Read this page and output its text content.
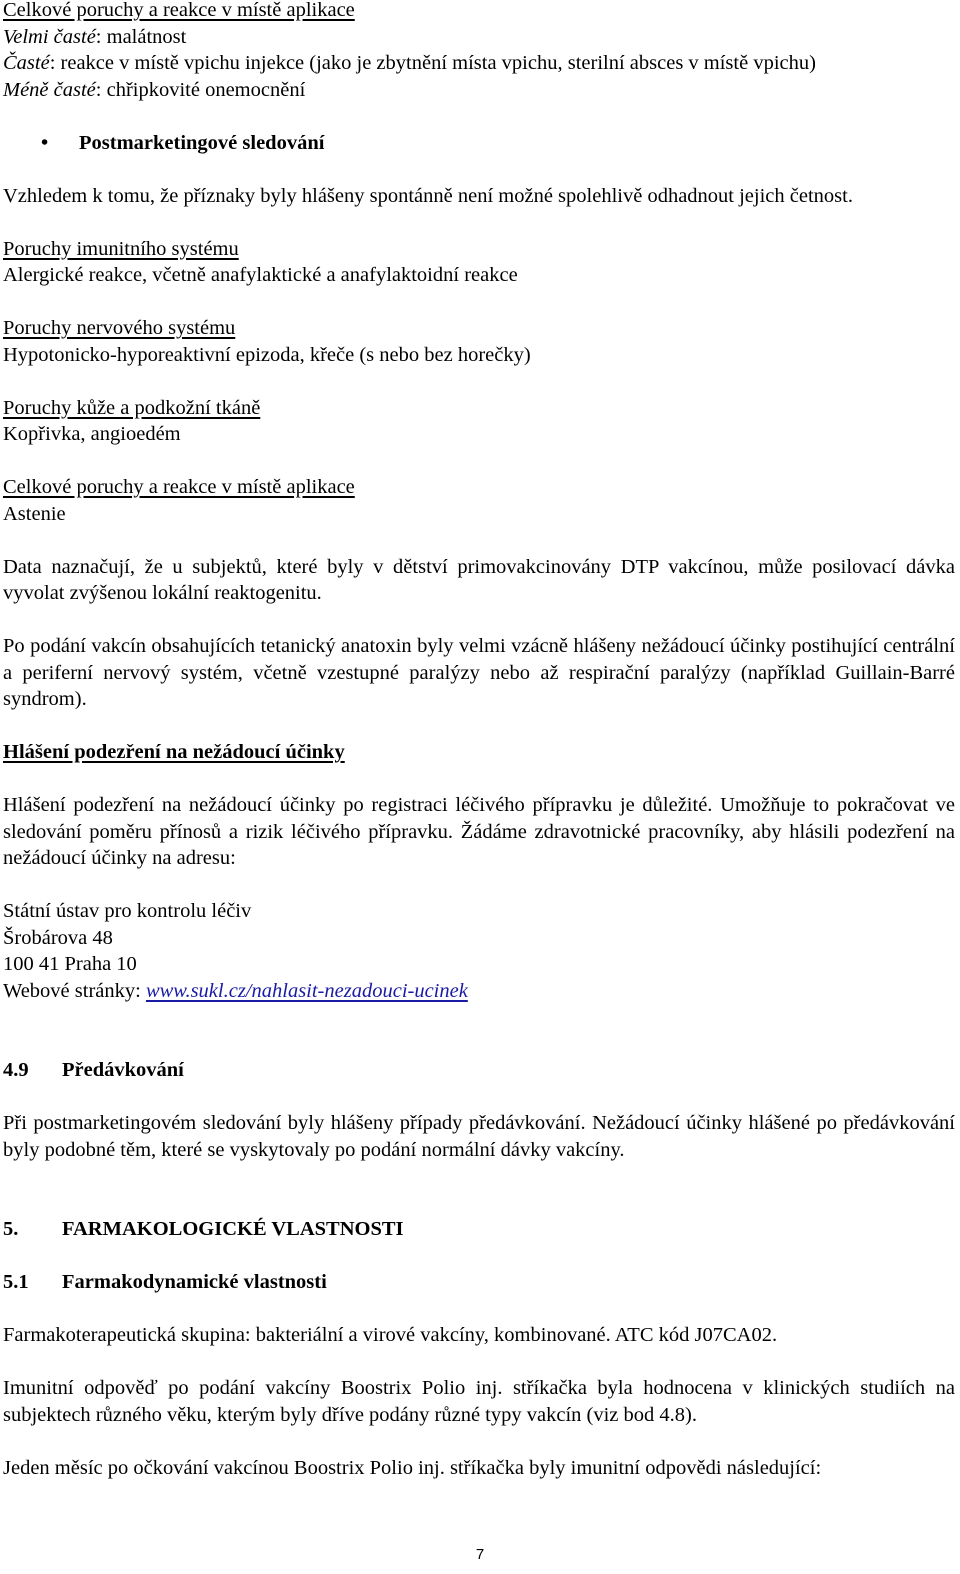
Celkové poruchy a reakce v místě aplikace
Velmi časté: malátnost
Časté: reakce v místě vpichu injekce (jako je zbytnění místa vpichu, sterilní absces v místě vpichu)
Méně časté: chřipkovité onemocnění
•	Postmarketingové sledování
Vzhledem k tomu, že příznaky byly hlášeny spontánně není možné spolehlivě odhadnout jejich četnost.
Poruchy imunitního systému
Alergické reakce, včetně anafylaktické a anafylaktoidní reakce
Poruchy nervového systému
Hypotonicko-hyporeaktivní epizoda, křeče (s nebo bez horečky)
Poruchy kůže a podkožní tkáně
Kopřivka, angioedém
Celkové poruchy a reakce v místě aplikace
Astenie
Data naznačují, že u subjektů, které byly v dětství primovakcinovány DTP vakcínou, může posilovací dávka vyvolat zvýšenou lokální reaktogenitu.
Po podání vakcín obsahujících tetanický anatoxin byly velmi vzácně hlášeny nežádoucí účinky postihující centrální a periferní nervový systém, včetně vzestupné paralýzy nebo až respirační paralýzy (například Guillain-Barré syndrom).
Hlášení podezření na nežádoucí účinky
Hlášení podezření na nežádoucí účinky po registraci léčivého přípravku je důležité. Umožňuje to pokračovat ve sledování poměru přínosů a rizik léčivého přípravku. Žádáme zdravotnické pracovníky, aby hlásili podezření na nežádoucí účinky na adresu:
Státní ústav pro kontrolu léčiv
Šrobárova 48
100 41 Praha 10
Webové stránky: www.sukl.cz/nahlasit-nezadouci-ucinek
4.9 Předávkování
Při postmarketingovém sledování byly hlášeny případy předávkování. Nežádoucí účinky hlášené po předávkování byly podobné těm, které se vyskytovaly po podání normální dávky vakcíny.
5. FARMAKOLOGICKÉ VLASTNOSTI
5.1 Farmakodynamické vlastnosti
Farmakoterapeutická skupina: bakteriální a virové vakcíny, kombinované. ATC kód J07CA02.
Imunitní odpověď po podání vakcíny Boostrix Polio inj. stříkačka byla hodnocena v klinických studiích na subjektech různého věku, kterým byly dříve podány různé typy vakcín (viz bod 4.8).
Jeden měsíc po očkování vakcínou Boostrix Polio inj. stříkačka byly imunitní odpovědi následující:
7
